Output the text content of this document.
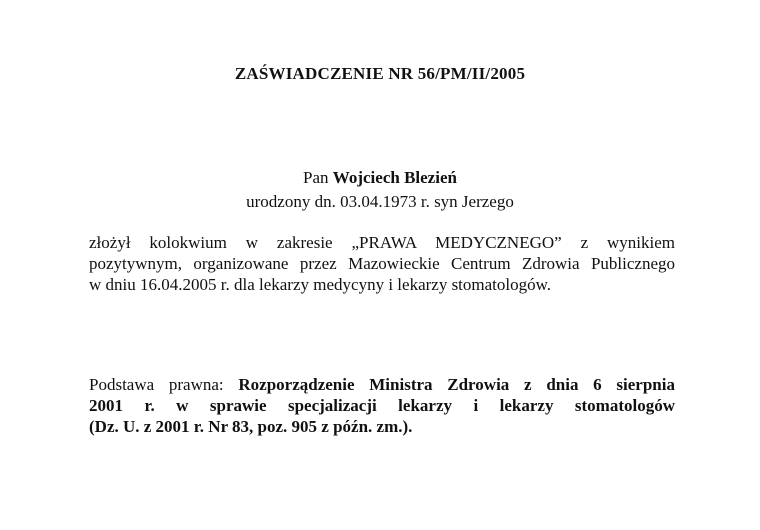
ZAŚWIADCZENIE NR 56/PM/II/2005
Pan Wojciech Blezień
urodzony dn. 03.04.1973 r. syn Jerzego
złożył kolokwium w zakresie „PRAWA MEDYCZNEGO” z wynikiem
pozytywnym, organizowane przez Mazowieckie Centrum Zdrowia Publicznego
w dniu 16.04.2005 r. dla lekarzy medycyny i lekarzy stomatologów.
Podstawa prawna: Rozporządzenie Ministra Zdrowia z dnia 6 sierpnia
2001 r. w sprawie specjalizacji lekarzy i lekarzy stomatologów
(Dz. U. z 2001 r. Nr 83, poz. 905 z późn. zm.).
